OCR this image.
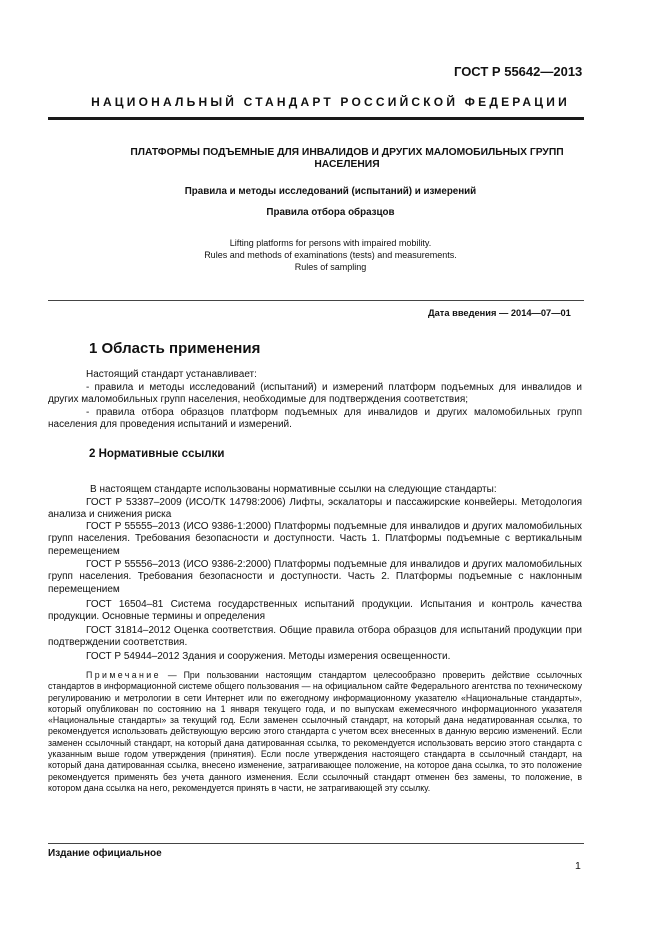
ГОСТ Р 55642—2013
НАЦИОНАЛЬНЫЙ СТАНДАРТ РОССИЙСКОЙ ФЕДЕРАЦИИ
ПЛАТФОРМЫ ПОДЪЕМНЫЕ ДЛЯ ИНВАЛИДОВ И ДРУГИХ МАЛОМОБИЛЬНЫХ ГРУПП
НАСЕЛЕНИЯ
Правила и методы исследований (испытаний) и измерений
Правила отбора образцов
Lifting platforms for persons with impaired mobility.
Rules and methods of examinations (tests) and measurements.
Rules of sampling
Дата введения — 2014—07—01
1 Область применения
Настоящий стандарт устанавливает:
- правила и методы исследований (испытаний) и измерений платформ подъемных для инвалидов и других маломобильных групп населения, необходимые для подтверждения соответствия;
- правила отбора образцов платформ подъемных для инвалидов и других маломобильных групп населения для проведения испытаний и измерений.
2 Нормативные ссылки
В настоящем стандарте использованы нормативные ссылки на следующие стандарты:
ГОСТ Р 53387–2009 (ИСО/ТК 14798:2006) Лифты, эскалаторы и пассажирские конвейеры. Методология анализа и снижения риска
ГОСТ Р 55555–2013 (ИСО 9386-1:2000) Платформы подъемные для инвалидов и других маломобильных групп населения. Требования безопасности и доступности. Часть 1. Платформы подъемные с вертикальным перемещением
ГОСТ Р 55556–2013 (ИСО 9386-2:2000) Платформы подъемные для инвалидов и других маломобильных групп населения. Требования безопасности и доступности. Часть 2. Платформы подъемные с наклонным перемещением
ГОСТ 16504–81 Система государственных испытаний продукции. Испытания и контроль качества продукции. Основные термины и определения
ГОСТ 31814–2012 Оценка соответствия. Общие правила отбора образцов для испытаний продукции при подтверждении соответствия.
ГОСТ Р 54944–2012 Здания и сооружения. Методы измерения освещенности.
Примечание — При пользовании настоящим стандартом целесообразно проверить действие ссылочных стандартов в информационной системе общего пользования — на официальном сайте Федерального агентства по техническому регулированию и метрологии в сети Интернет или по ежегодному информационному указателю «Национальные стандарты», который опубликован по состоянию на 1 января текущего года, и по выпускам ежемесячного информационного указателя «Национальные стандарты» за текущий год. Если заменен ссылочный стандарт, на который дана недатированная ссылка, то рекомендуется использовать действующую версию этого стандарта с учетом всех внесенных в данную версию изменений. Если заменен ссылочный стандарт, на который дана датированная ссылка, то рекомендуется использовать версию этого стандарта с указанным выше годом утверждения (принятия). Если после утверждения настоящего стандарта в ссылочный стандарт, на который дана датированная ссылка, внесено изменение, затрагивающее положение, на которое дана ссылка, то это положение рекомендуется применять без учета данного изменения. Если ссылочный стандарт отменен без замены, то положение, в котором дана ссылка на него, рекомендуется принять в части, не затрагивающей эту ссылку.
Издание официальное
1
